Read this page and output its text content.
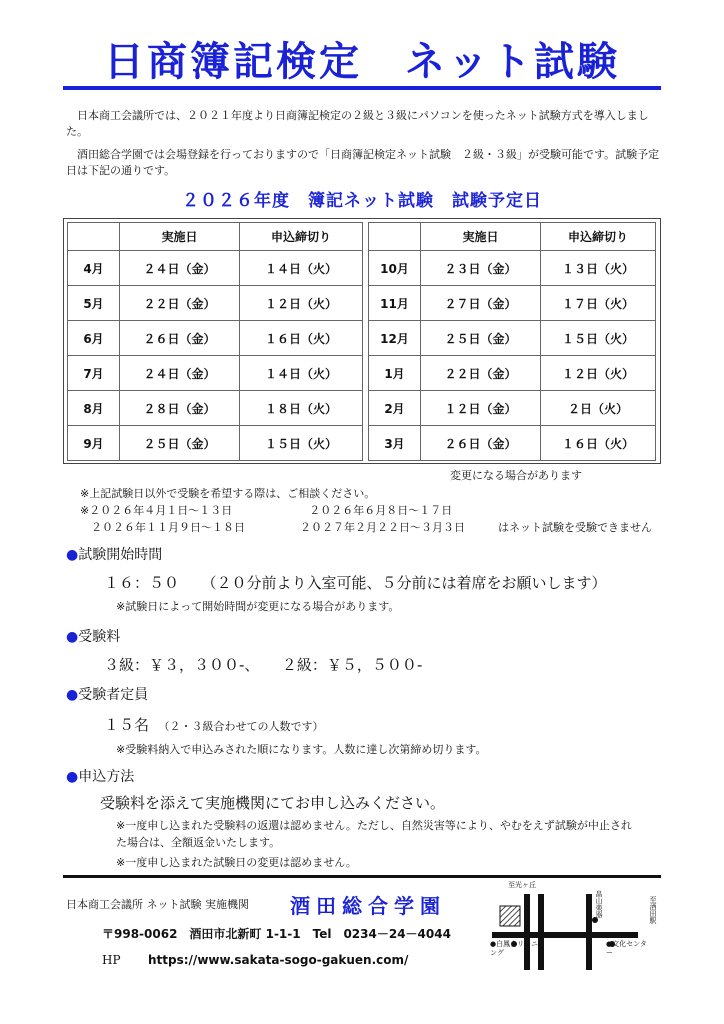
日商簿記検定　ネット試験

　日本商工会議所では、２０２１年度より日商簿記検定の２級と３級にパソコンを使ったネット試験方式を導入しました。

　酒田総合学園では会場登録を行っておりますので「日商簿記検定ネット試験　２級・３級」が受験可能です。試験予定日は下記の通りです。

２０２６年度　簿記ネット試験　試験予定日
	実施日	申込締切り
4月	２４日（金）	１４日（火）
5月	２２日（金）	１２日（火）
6月	２６日（金）	１６日（火）
7月	２４日（金）	１４日（火）
8月	２８日（金）	１８日（火）
9月	２５日（金）	１５日（火）
	実施日	申込締切り
10月	２３日（金）	１３日（火）
11月	２７日（金）	１７日（火）
12月	２５日（金）	１５日（火）
1月	２２日（金）	１２日（火）
2月	１２日（金）	２日（火）
3月	２６日（金）	１６日（火）
変更になる場合があります
※上記試験日以外で受験を希望する際は、ご相談ください。
※２０２６年４月１日～１３日　　　　　　　２０２６年６月８日～１７日
　２０２６年１１月９日～１８日　　　　　２０２７年２月２２日～３月３日　　　はネット試験を受験できません
●試験開始時間
１６：５０　　（２０分前より入室可能、５分前には着席をお願いします）
※試験日によって開始時間が変更になる場合があります。
●受験料
３級：￥３，３００-、　　２級：￥５，５００-
●受験者定員
１５名　 （２・３級合わせての人数です）
※受験料納入で申込みされた順になります。人数に達し次第締め切ります。
●申込方法
受験料を添えて実施機関にてお申し込みください。
※一度申し込まれた受験料の返還は認めません。ただし、自然災害等により、やむをえず試験が中止された場合は、全額返金いたします。
※一度申し込まれた試験日の変更は認めません。
日本商工会議所 ネット試験 実施機関 酒田総合学園
〒998-0062　酒田市北新町 1-1-1　Tel　0234－24－4044
HP https://www.sakata-sogo-gakuen.com/
至光ヶ丘
畠山楽器	至酒田駅
●白鳳クリーニング
●文化センター
